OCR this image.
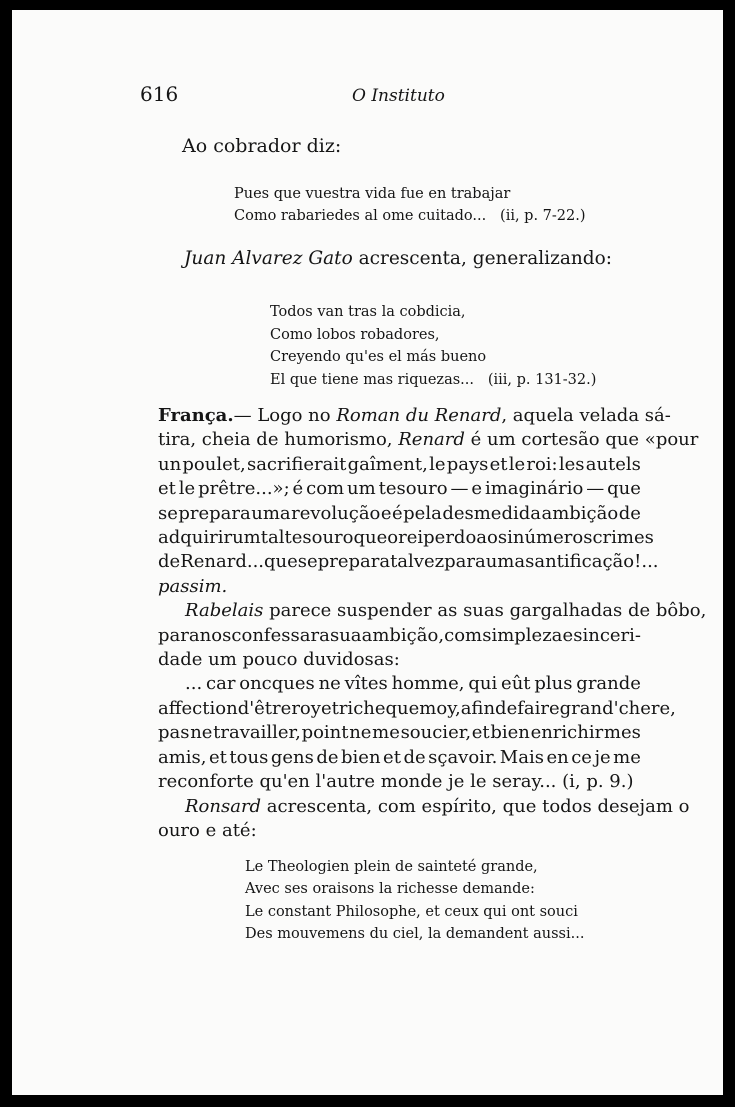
616	O Instituto
Ao cobrador diz:
Pues que vuestra vida fue en trabajar
Como rabariedes al ome cuitado... (ii, p. 7-22.)
Juan Alvarez Gato acrescenta, generalizando:
Todos van tras la cobdicia,
Como lobos robadores,
Creyendo qu'es el más bueno
El que tiene mas riquezas... (iii, p. 131-32.)
França. — Logo no Roman du Renard , aquela velada sá-
tira, cheia de humorismo, Renard é um cortesão que «pour
un poulet, sacrifierait gaîment, le pays et le roi: les autels
et le prêtre...»; é com um tesouro — e imaginário — que
se prepara uma revolução e é pela desmedida ambição de
adquirir um tal tesouro que o rei perdoa os inúmeros crimes
de Renard... que se prepara talvez para uma santificação!...
passim.
Rabelais parece suspender as suas gargalhadas de bôbo,
para nos confessar a sua ambição, com simpleza e sinceri-
dade um pouco duvidosas:
... car oncques ne vîtes homme, qui eût plus grande
affection d'être roy et riche que moy, afin de faire grand'chere,
pas ne travailler, point ne me soucier, et bien enrichir mes
amis, et tous gens de bien et de sçavoir. Mais en ce je me
reconforte qu'en l'autre monde je le seray... (i, p. 9.)
Ronsard acrescenta, com espírito, que todos desejam o
ouro e até:
Le Theologien plein de sainteté grande,
Avec ses oraisons la richesse demande:
Le constant Philosophe, et ceux qui ont souci
Des mouvemens du ciel, la demandent aussi...
